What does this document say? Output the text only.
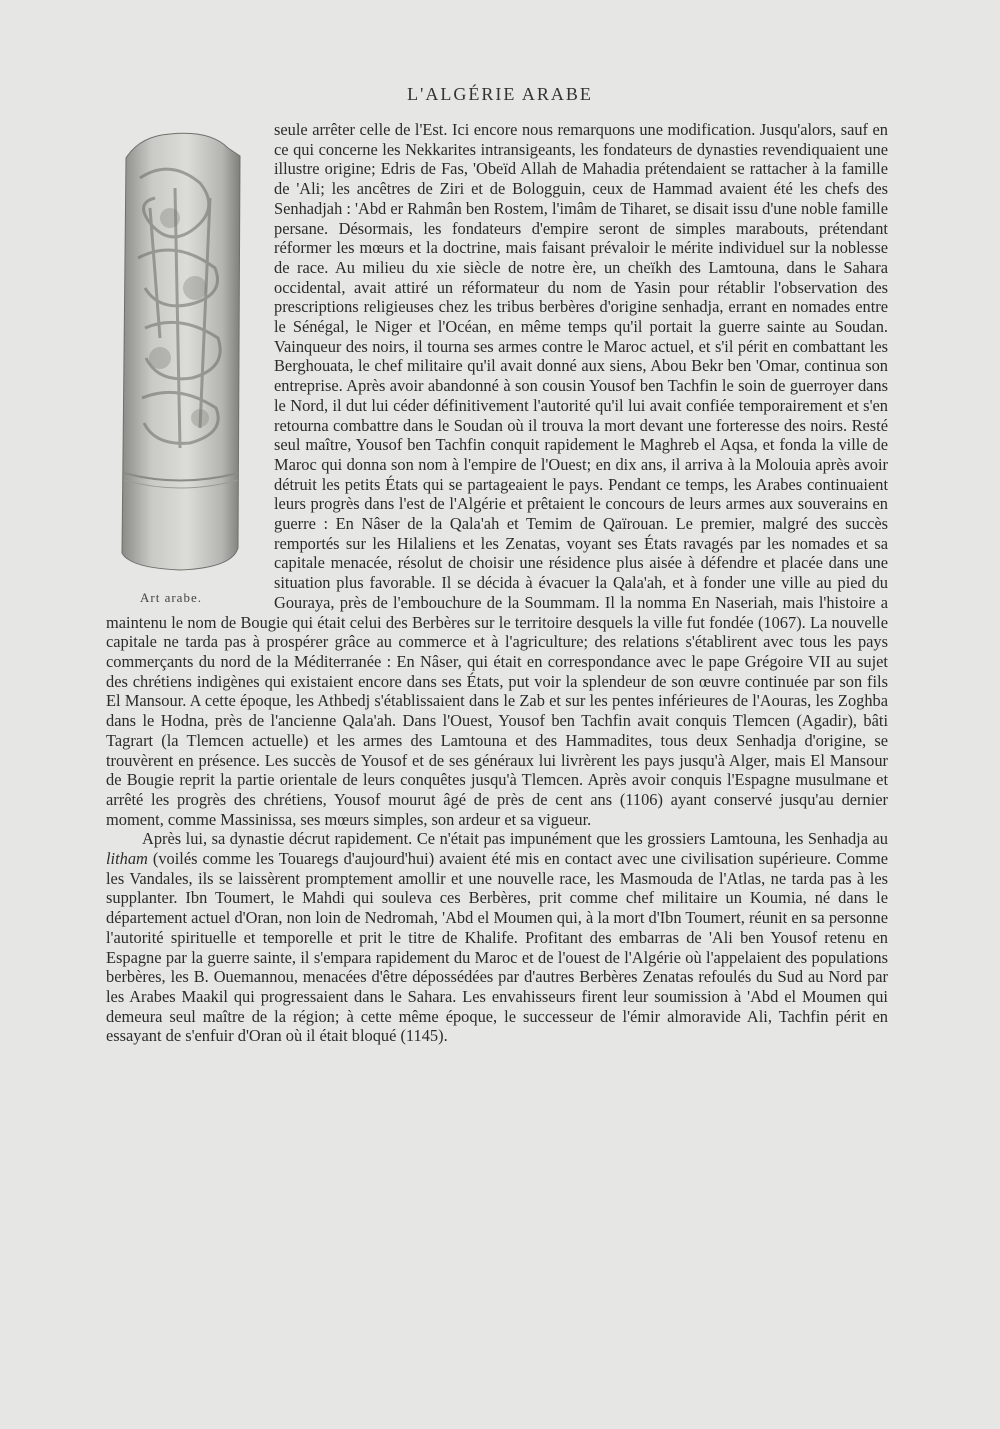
L'ALGÉRIE ARABE
Art arabe.

seule arrêter celle de l'Est. Ici encore nous remarquons une modification. Jusqu'alors, sauf en ce qui concerne les Nekkarites intransigeants, les fondateurs de dynasties revendiquaient une illustre origine; Edris de Fas, 'Obeïd Allah de Mahadia prétendaient se rattacher à la famille de 'Ali; les ancêtres de Ziri et de Bologguin, ceux de Hammad avaient été les chefs des Senhadjah : 'Abd er Rahmân ben Rostem, l'imâm de Tiharet, se disait issu d'une noble famille persane. Désormais, les fondateurs d'empire seront de simples marabouts, prétendant réformer les mœurs et la doctrine, mais faisant prévaloir le mérite individuel sur la noblesse de race. Au milieu du xie siècle de notre ère, un cheïkh des Lamtouna, dans le Sahara occidental, avait attiré un réformateur du nom de Yasin pour rétablir l'observation des prescriptions religieuses chez les tribus berbères d'origine senhadja, errant en nomades entre le Sénégal, le Niger et l'Océan, en même temps qu'il portait la guerre sainte au Soudan. Vainqueur des noirs, il tourna ses armes contre le Maroc actuel, et s'il périt en combattant les Berghouata, le chef militaire qu'il avait donné aux siens, Abou Bekr ben 'Omar, continua son entreprise. Après avoir abandonné à son cousin Yousof ben Tachfin le soin de guerroyer dans le Nord, il dut lui céder définitivement l'autorité qu'il lui avait confiée temporairement et s'en retourna combattre dans le Soudan où il trouva la mort devant une forteresse des noirs. Resté seul maître, Yousof ben Tachfin conquit rapidement le Maghreb el Aqsa, et fonda la ville de Maroc qui donna son nom à l'empire de l'Ouest; en dix ans, il arriva à la Molouia après avoir détruit les petits États qui se partageaient le pays. Pendant ce temps, les Arabes continuaient leurs progrès dans l'est de l'Algérie et prêtaient le concours de leurs armes aux souverains en guerre : En Nâser de la Qala'ah et Temim de Qaïrouan. Le premier, malgré des succès remportés sur les Hilaliens et les Zenatas, voyant ses États ravagés par les nomades et sa capitale menacée, résolut de choisir une résidence plus aisée à défendre et placée dans une situation plus favorable. Il se décida à évacuer la Qala'ah, et à fonder une ville au pied du Gouraya, près de l'embouchure de la Soummam. Il la nomma En Naseriah, mais l'histoire a maintenu le nom de Bougie qui était celui des Berbères sur le territoire desquels la ville fut fondée (1067). La nouvelle capitale ne tarda pas à prospérer grâce au commerce et à l'agriculture; des relations s'établirent avec tous les pays commerçants du nord de la Méditerranée : En Nâser, qui était en correspondance avec le pape Grégoire VII au sujet des chrétiens indigènes qui existaient encore dans ses États, put voir la splendeur de son œuvre continuée par son fils El Mansour. A cette époque, les Athbedj s'établissaient dans le Zab et sur les pentes inférieures de l'Aouras, les Zoghba dans le Hodna, près de l'ancienne Qala'ah. Dans l'Ouest, Yousof ben Tachfin avait conquis Tlemcen (Agadir), bâti Tagrart (la Tlemcen actuelle) et les armes des Lamtouna et des Hammadites, tous deux Senhadja d'origine, se trouvèrent en présence. Les succès de Yousof et de ses généraux lui livrèrent les pays jusqu'à Alger, mais El Mansour de Bougie reprit la partie orientale de leurs conquêtes jusqu'à Tlemcen. Après avoir conquis l'Espagne musulmane et arrêté les progrès des chrétiens, Yousof mourut âgé de près de cent ans (1106) ayant conservé jusqu'au dernier moment, comme Massinissa, ses mœurs simples, son ardeur et sa vigueur.

Après lui, sa dynastie décrut rapidement. Ce n'était pas impunément que les grossiers Lamtouna, les Senhadja au litham (voilés comme les Touaregs d'aujourd'hui) avaient été mis en contact avec une civilisation supérieure. Comme les Vandales, ils se laissèrent promptement amollir et une nouvelle race, les Masmouda de l'Atlas, ne tarda pas à les supplanter. Ibn Toumert, le Mahdi qui souleva ces Berbères, prit comme chef militaire un Koumia, né dans le département actuel d'Oran, non loin de Nedromah, 'Abd el Moumen qui, à la mort d'Ibn Toumert, réunit en sa personne l'autorité spirituelle et temporelle et prit le titre de Khalife. Profitant des embarras de 'Ali ben Yousof retenu en Espagne par la guerre sainte, il s'empara rapidement du Maroc et de l'ouest de l'Algérie où l'appelaient des populations berbères, les B. Ouemannou, menacées d'être dépossédées par d'autres Berbères Zenatas refoulés du Sud au Nord par les Arabes Maakil qui progressaient dans le Sahara. Les envahisseurs firent leur soumission à 'Abd el Moumen qui demeura seul maître de la région; à cette même époque, le successeur de l'émir almoravide Ali, Tachfin périt en essayant de s'enfuir d'Oran où il était bloqué (1145).
